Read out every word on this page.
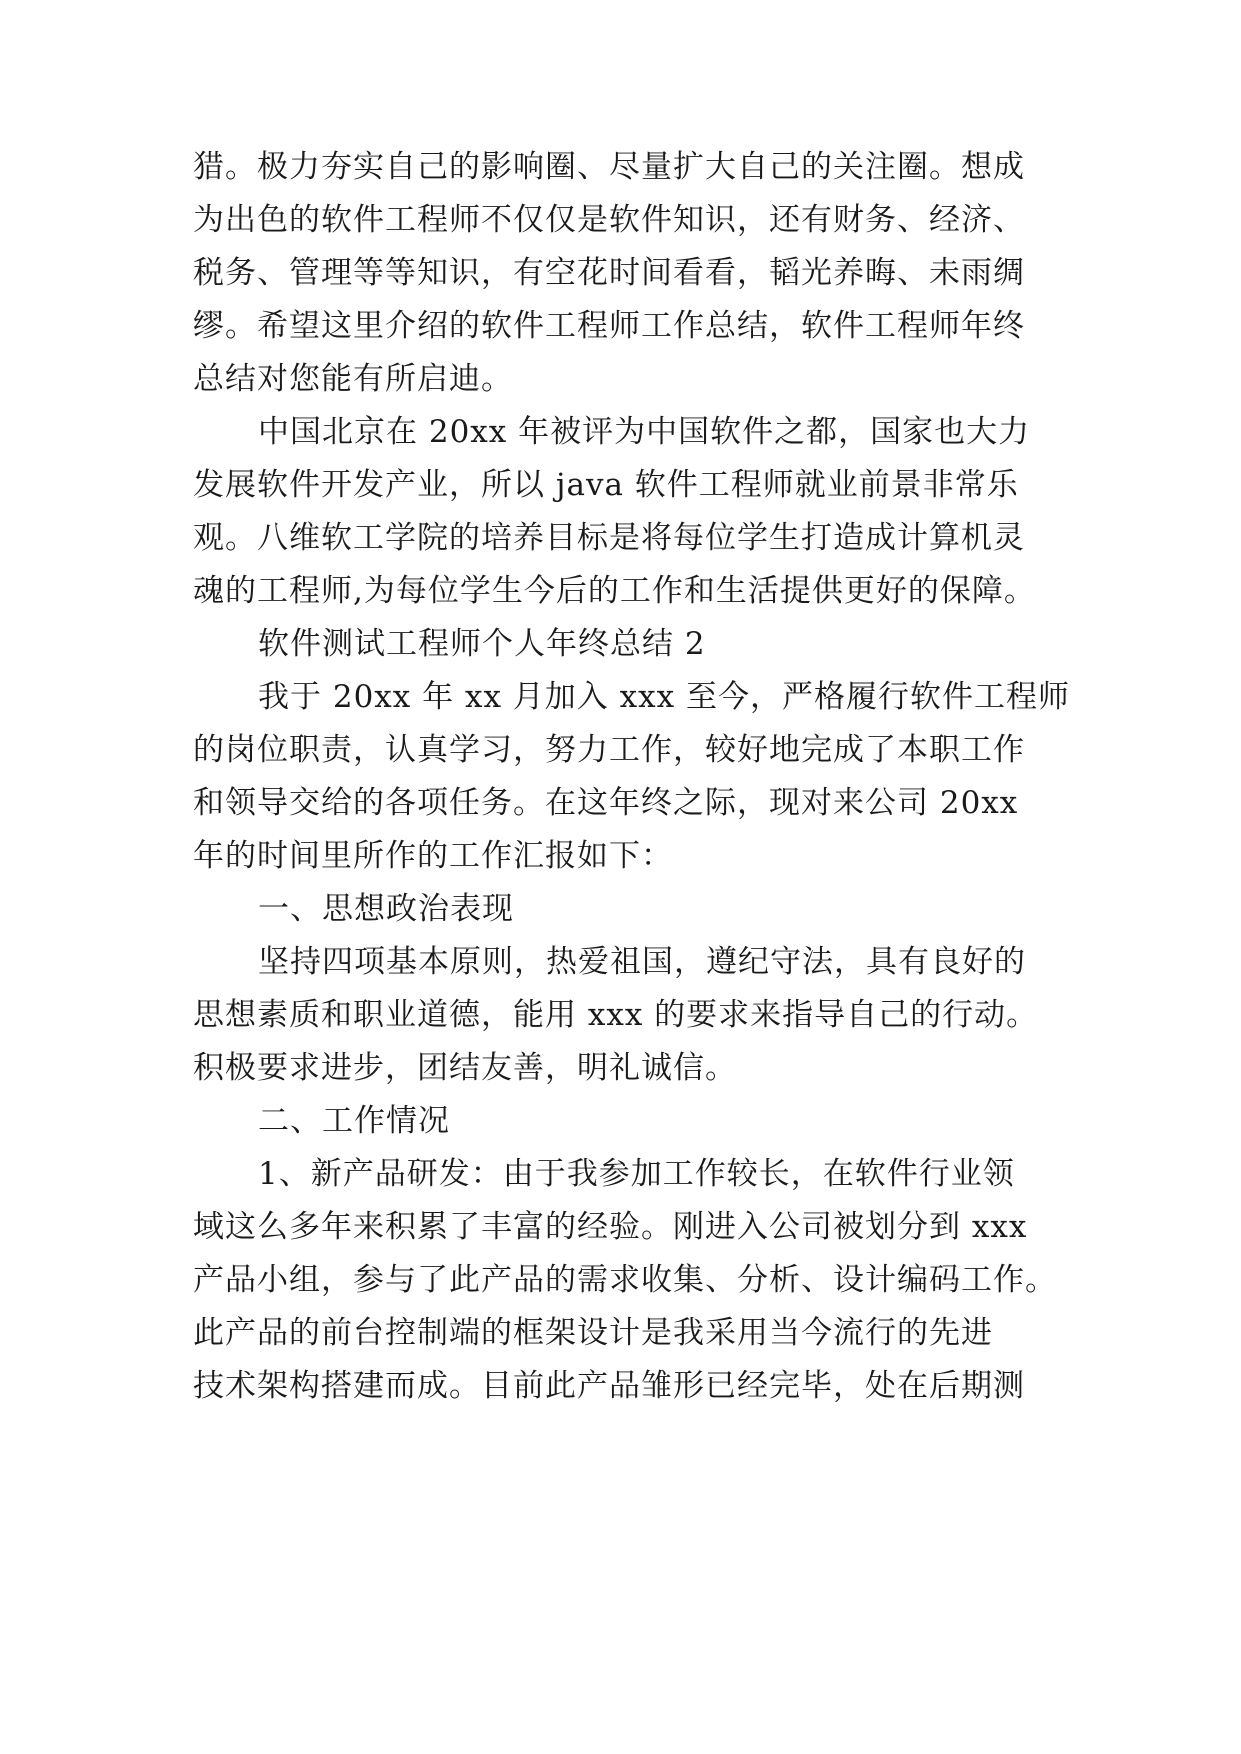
猎。极力夯实自己的影响圈、尽量扩大自己的关注圈。想成
为出色的软件工程师不仅仅是软件知识，还有财务、经济、
税务、管理等等知识，有空花时间看看，韬光养晦、未雨绸
缪。希望这里介绍的软件工程师工作总结，软件工程师年终
总结对您能有所启迪。
中国北京在 20xx 年被评为中国软件之都，国家也大力
发展软件开发产业，所以 java 软件工程师就业前景非常乐
观。八维软工学院的培养目标是将每位学生打造成计算机灵
魂的工程师,为每位学生今后的工作和生活提供更好的保障。
软件测试工程师个人年终总结 2
我于 20xx 年 xx 月加入 xxx 至今，严格履行软件工程师
的岗位职责，认真学习，努力工作，较好地完成了本职工作
和领导交给的各项任务。在这年终之际，现对来公司 20xx
年的时间里所作的工作汇报如下：
一、思想政治表现
坚持四项基本原则，热爱祖国，遵纪守法，具有良好的
思想素质和职业道德，能用 xxx 的要求来指导自己的行动。
积极要求进步，团结友善，明礼诚信。
二、工作情况
1、新产品研发：由于我参加工作较长，在软件行业领
域这么多年来积累了丰富的经验。刚进入公司被划分到 xxx
产品小组，参与了此产品的需求收集、分析、设计编码工作。
此产品的前台控制端的框架设计是我采用当今流行的先进
技术架构搭建而成。目前此产品雏形已经完毕，处在后期测
